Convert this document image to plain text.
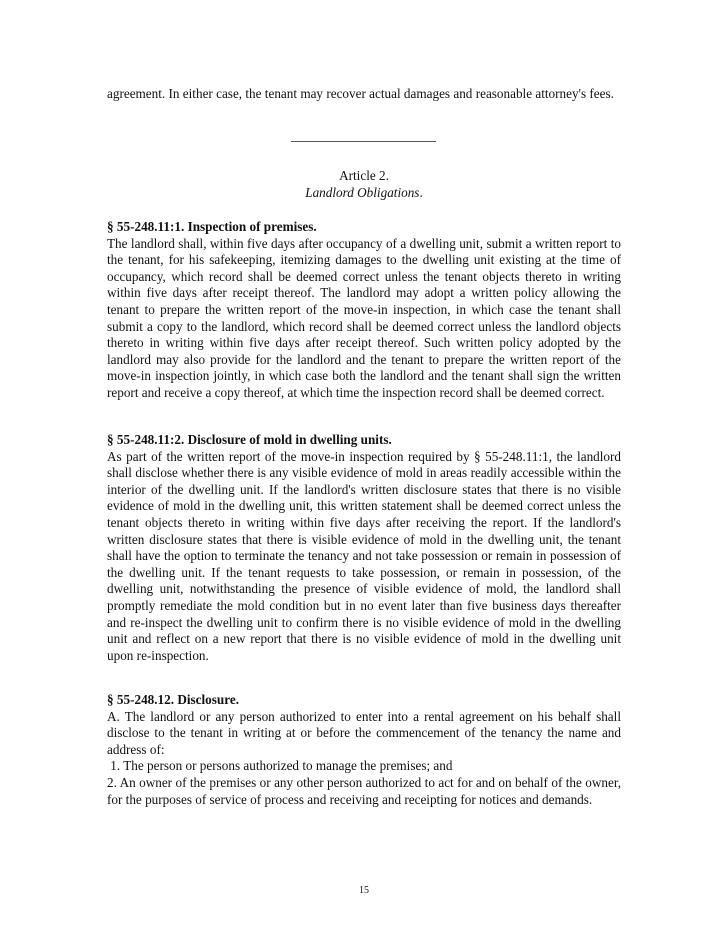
agreement. In either case, the tenant may recover actual damages and reasonable attorney's fees.
Article 2.
Landlord Obligations.
§ 55-248.11:1. Inspection of premises.
The landlord shall, within five days after occupancy of a dwelling unit, submit a written report to the tenant, for his safekeeping, itemizing damages to the dwelling unit existing at the time of occupancy, which record shall be deemed correct unless the tenant objects thereto in writing within five days after receipt thereof. The landlord may adopt a written policy allowing the tenant to prepare the written report of the move-in inspection, in which case the tenant shall submit a copy to the landlord, which record shall be deemed correct unless the landlord objects thereto in writing within five days after receipt thereof. Such written policy adopted by the landlord may also provide for the landlord and the tenant to prepare the written report of the move-in inspection jointly, in which case both the landlord and the tenant shall sign the written report and receive a copy thereof, at which time the inspection record shall be deemed correct.
§ 55-248.11:2. Disclosure of mold in dwelling units.
As part of the written report of the move-in inspection required by § 55-248.11:1, the landlord shall disclose whether there is any visible evidence of mold in areas readily accessible within the interior of the dwelling unit. If the landlord's written disclosure states that there is no visible evidence of mold in the dwelling unit, this written statement shall be deemed correct unless the tenant objects thereto in writing within five days after receiving the report. If the landlord's written disclosure states that there is visible evidence of mold in the dwelling unit, the tenant shall have the option to terminate the tenancy and not take possession or remain in possession of the dwelling unit. If the tenant requests to take possession, or remain in possession, of the dwelling unit, notwithstanding the presence of visible evidence of mold, the landlord shall promptly remediate the mold condition but in no event later than five business days thereafter and re-inspect the dwelling unit to confirm there is no visible evidence of mold in the dwelling unit and reflect on a new report that there is no visible evidence of mold in the dwelling unit upon re-inspection.
§ 55-248.12. Disclosure.
A. The landlord or any person authorized to enter into a rental agreement on his behalf shall disclose to the tenant in writing at or before the commencement of the tenancy the name and address of:
1. The person or persons authorized to manage the premises; and
2. An owner of the premises or any other person authorized to act for and on behalf of the owner, for the purposes of service of process and receiving and receipting for notices and demands.
15
